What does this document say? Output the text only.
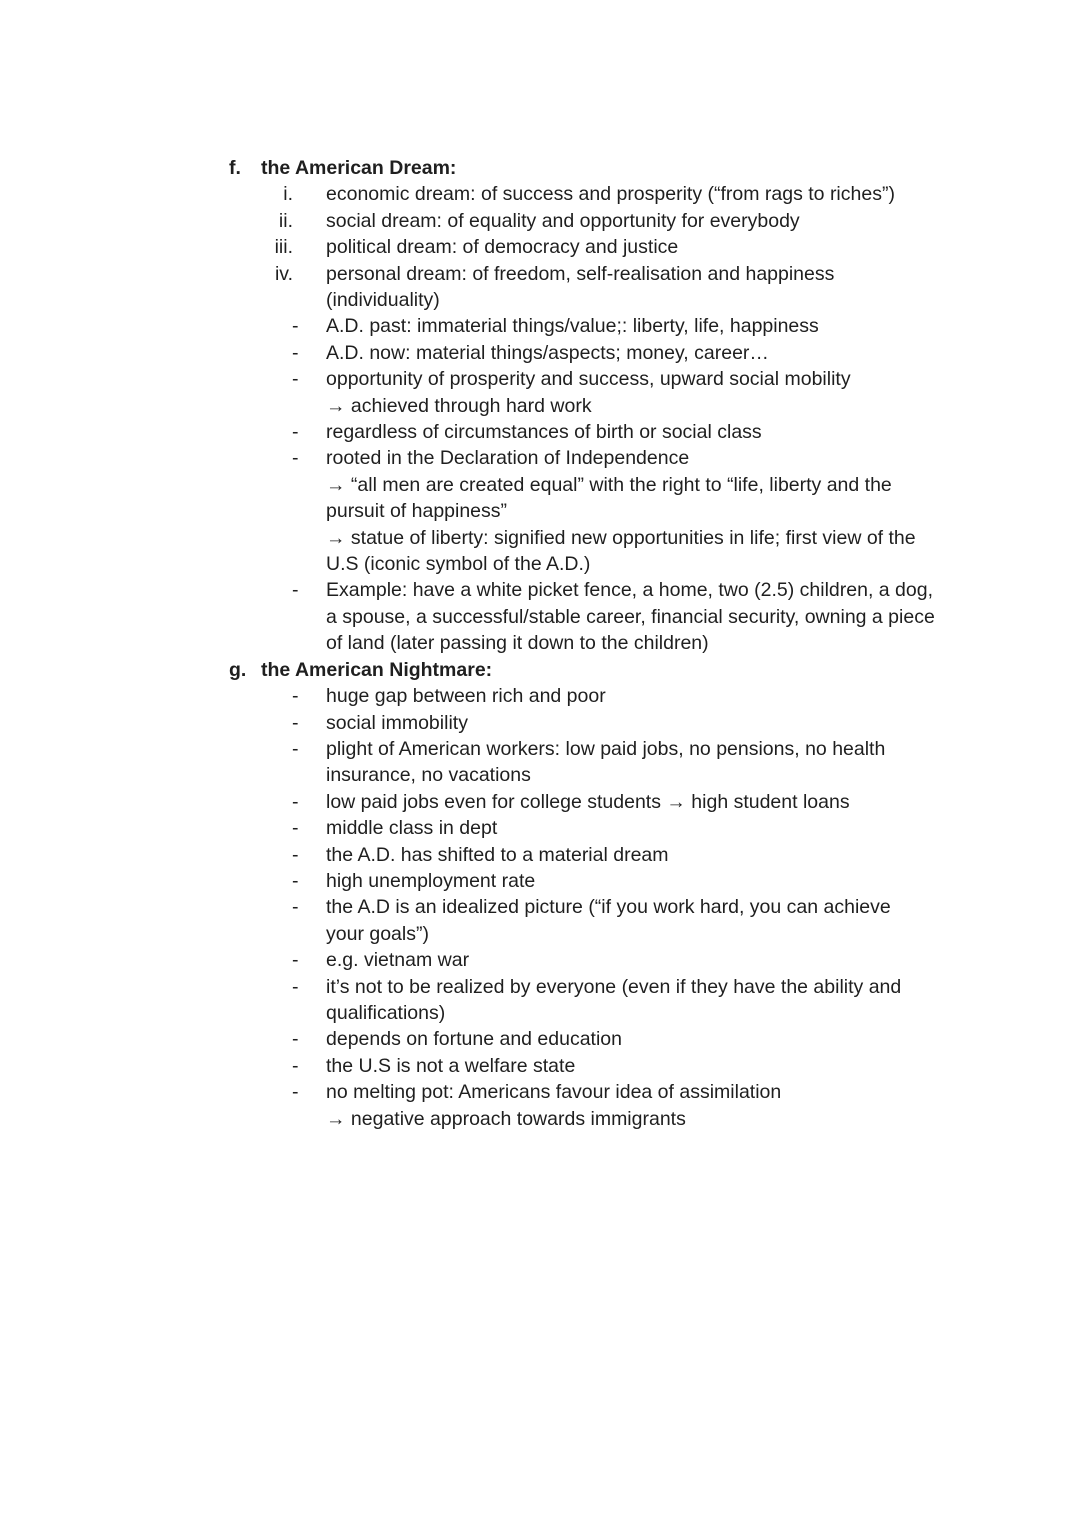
f. the American Dream:
i. economic dream: of success and prosperity (“from rags to riches”)
ii. social dream: of equality and opportunity for everybody
iii. political dream: of democracy and justice
iv. personal dream: of freedom, self-realisation and happiness
(individuality)
- A.D. past: immaterial things/value;: liberty, life, happiness
- A.D. now: material things/aspects; money, career…
- opportunity of prosperity and success, upward social mobility
→ achieved through hard work
- regardless of circumstances of birth or social class
- rooted in the Declaration of Independence
→ “all men are created equal” with the right to “life, liberty and the
pursuit of happiness”
→ statue of liberty: signified new opportunities in life; first view of the
U.S (iconic symbol of the A.D.)
- Example: have a white picket fence, a home, two (2.5) children, a dog,
a spouse, a successful/stable career, financial security, owning a piece
of land (later passing it down to the children)
g. the American Nightmare:
- huge gap between rich and poor
- social immobility
- plight of American workers: low paid jobs, no pensions, no health
insurance, no vacations
- low paid jobs even for college students → high student loans
- middle class in dept
- the A.D. has shifted to a material dream
- high unemployment rate
- the A.D is an idealized picture (“if you work hard, you can achieve
your goals”)
- e.g. vietnam war
- it’s not to be realized by everyone (even if they have the ability and
qualifications)
- depends on fortune and education
- the U.S is not a welfare state
- no melting pot: Americans favour idea of assimilation
→ negative approach towards immigrants
